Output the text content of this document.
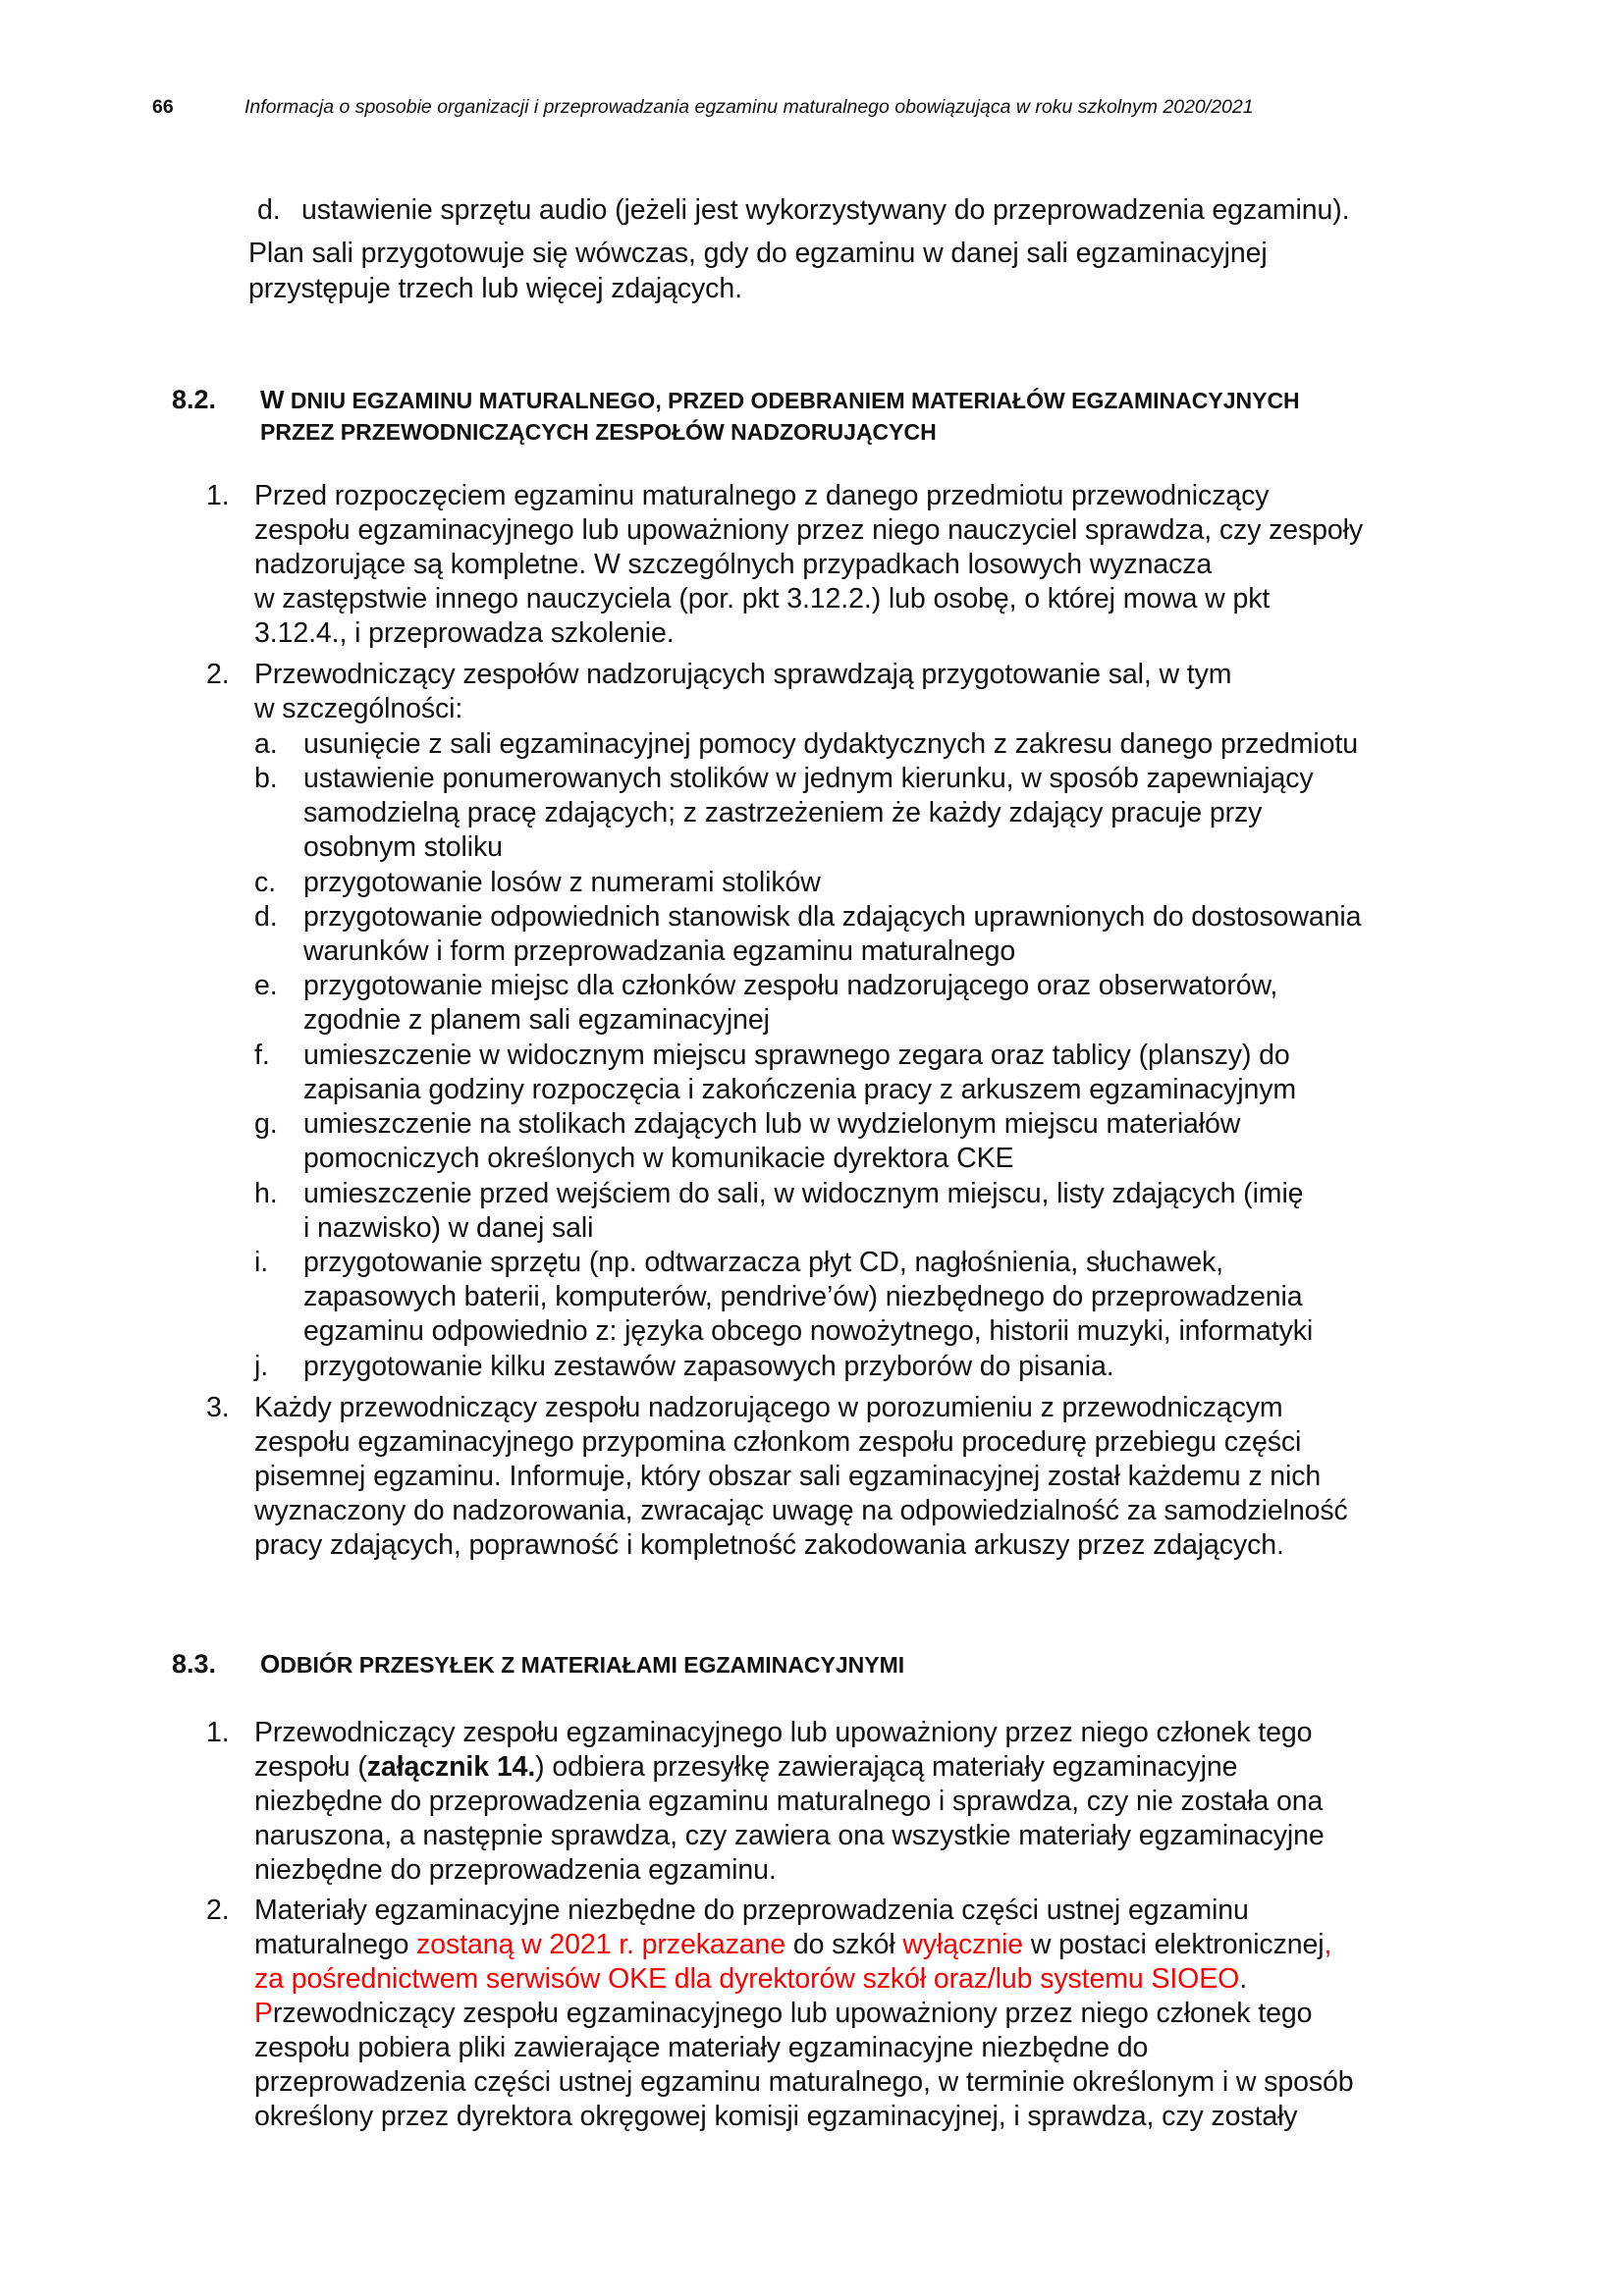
66	Informacja o sposobie organizacji i przeprowadzania egzaminu maturalnego obowiązująca w roku szkolnym 2020/2021
d. ustawienie sprzętu audio (jeżeli jest wykorzystywany do przeprowadzenia egzaminu).
Plan sali przygotowuje się wówczas, gdy do egzaminu w danej sali egzaminacyjnej
przystępuje trzech lub więcej zdających.
8.2. W DNIU EGZAMINU MATURALNEGO, PRZED ODEBRANIEM MATERIAŁÓW EGZAMINACYJNYCH
PRZEZ PRZEWODNICZĄCYCH ZESPOŁÓW NADZORUJĄCYCH
1. Przed rozpoczęciem egzaminu maturalnego z danego przedmiotu przewodniczący
zespołu egzaminacyjnego lub upoważniony przez niego nauczyciel sprawdza, czy zespoły
nadzorujące są kompletne. W szczególnych przypadkach losowych wyznacza
w zastępstwie innego nauczyciela (por. pkt 3.12.2.) lub osobę, o której mowa w pkt
3.12.4., i przeprowadza szkolenie.
2. Przewodniczący zespołów nadzorujących sprawdzają przygotowanie sal, w tym
w szczególności:
a. usunięcie z sali egzaminacyjnej pomocy dydaktycznych z zakresu danego przedmiotu
b. ustawienie ponumerowanych stolików w jednym kierunku, w sposób zapewniający
samodzielną pracę zdających; z zastrzeżeniem że każdy zdający pracuje przy
osobnym stoliku
c. przygotowanie losów z numerami stolików
d. przygotowanie odpowiednich stanowisk dla zdających uprawnionych do dostosowania
warunków i form przeprowadzania egzaminu maturalnego
e. przygotowanie miejsc dla członków zespołu nadzorującego oraz obserwatorów,
zgodnie z planem sali egzaminacyjnej
f. umieszczenie w widocznym miejscu sprawnego zegara oraz tablicy (planszy) do
zapisania godziny rozpoczęcia i zakończenia pracy z arkuszem egzaminacyjnym
g. umieszczenie na stolikach zdających lub w wydzielonym miejscu materiałów
pomocniczych określonych w komunikacie dyrektora CKE
h. umieszczenie przed wejściem do sali, w widocznym miejscu, listy zdających (imię
i nazwisko) w danej sali
i. przygotowanie sprzętu (np. odtwarzacza płyt CD, nagłośnienia, słuchawek,
zapasowych baterii, komputerów, pendrive’ów) niezbędnego do przeprowadzenia
egzaminu odpowiednio z: języka obcego nowożytnego, historii muzyki, informatyki
j. przygotowanie kilku zestawów zapasowych przyborów do pisania.
3. Każdy przewodniczący zespołu nadzorującego w porozumieniu z przewodniczącym
zespołu egzaminacyjnego przypomina członkom zespołu procedurę przebiegu części
pisemnej egzaminu. Informuje, który obszar sali egzaminacyjnej został każdemu z nich
wyznaczony do nadzorowania, zwracając uwagę na odpowiedzialność za samodzielność
pracy zdających, poprawność i kompletność zakodowania arkuszy przez zdających.
8.3. ODBIÓR PRZESYŁEK Z MATERIAŁAMI EGZAMINACYJNYMI
1. Przewodniczący zespołu egzaminacyjnego lub upoważniony przez niego członek tego
zespołu (załącznik 14.) odbiera przesyłkę zawierającą materiały egzaminacyjne
niezbędne do przeprowadzenia egzaminu maturalnego i sprawdza, czy nie została ona
naruszona, a następnie sprawdza, czy zawiera ona wszystkie materiały egzaminacyjne
niezbędne do przeprowadzenia egzaminu.
2. Materiały egzaminacyjne niezbędne do przeprowadzenia części ustnej egzaminu
maturalnego zostaną w 2021 r. przekazane do szkół wyłącznie w postaci elektronicznej,
za pośrednictwem serwisów OKE dla dyrektorów szkół oraz/lub systemu SIOEO.
Przewodniczący zespołu egzaminacyjnego lub upoważniony przez niego członek tego
zespołu pobiera pliki zawierające materiały egzaminacyjne niezbędne do
przeprowadzenia części ustnej egzaminu maturalnego, w terminie określonym i w sposób
określony przez dyrektora okręgowej komisji egzaminacyjnej, i sprawdza, czy zostały
